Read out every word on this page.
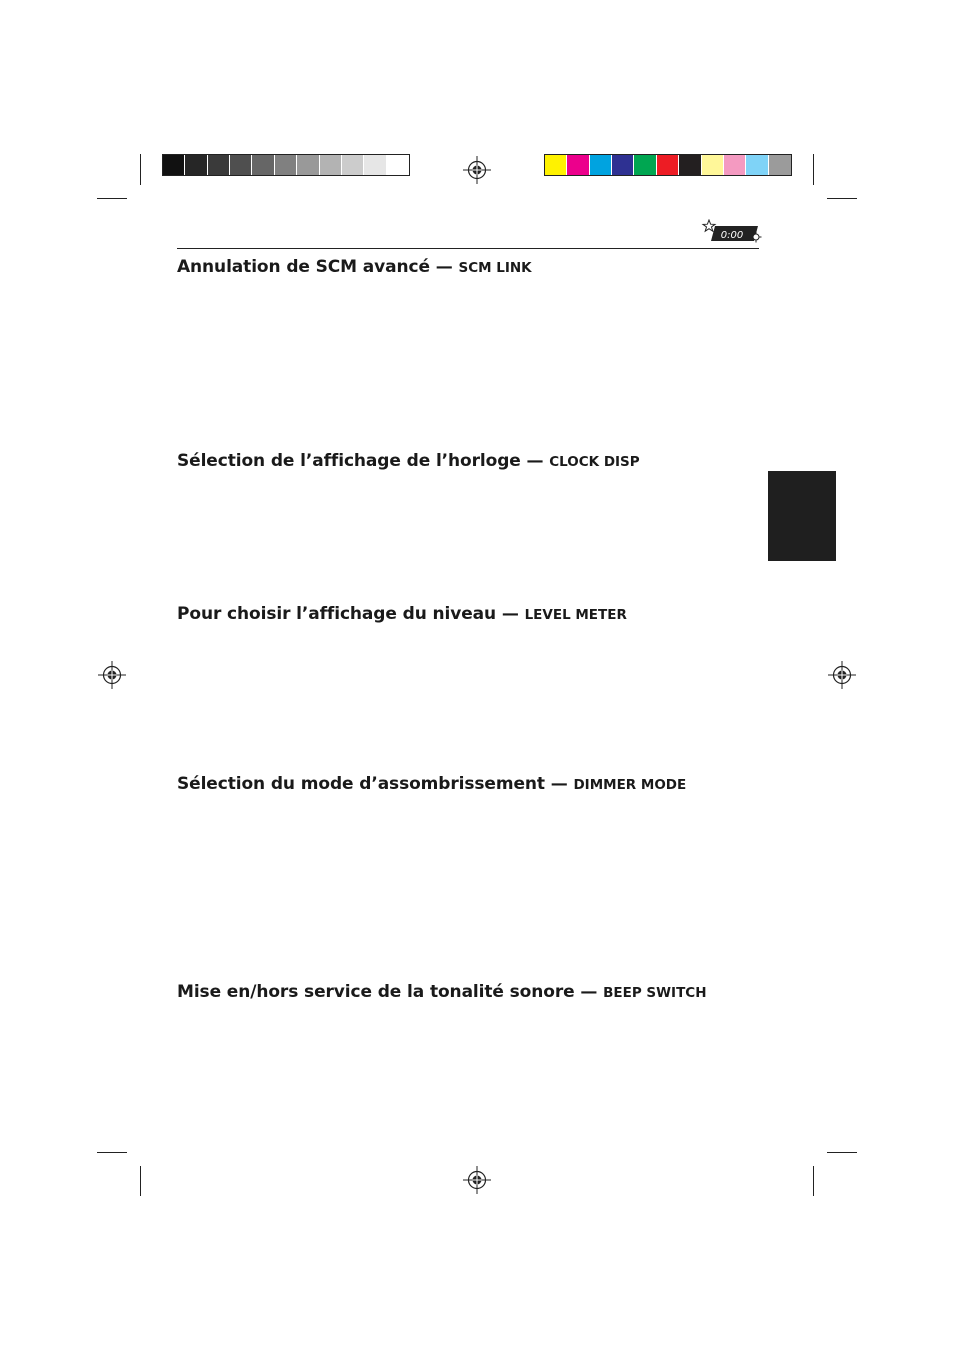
0:00
Annulation de SCM avancé — SCM LINK
Sélection de l’affichage de l’horloge — CLOCK DISP
Pour choisir l’affichage du niveau — LEVEL METER
Sélection du mode d’assombrissement — DIMMER MODE
Mise en/hors service de la tonalité sonore — BEEP SWITCH
